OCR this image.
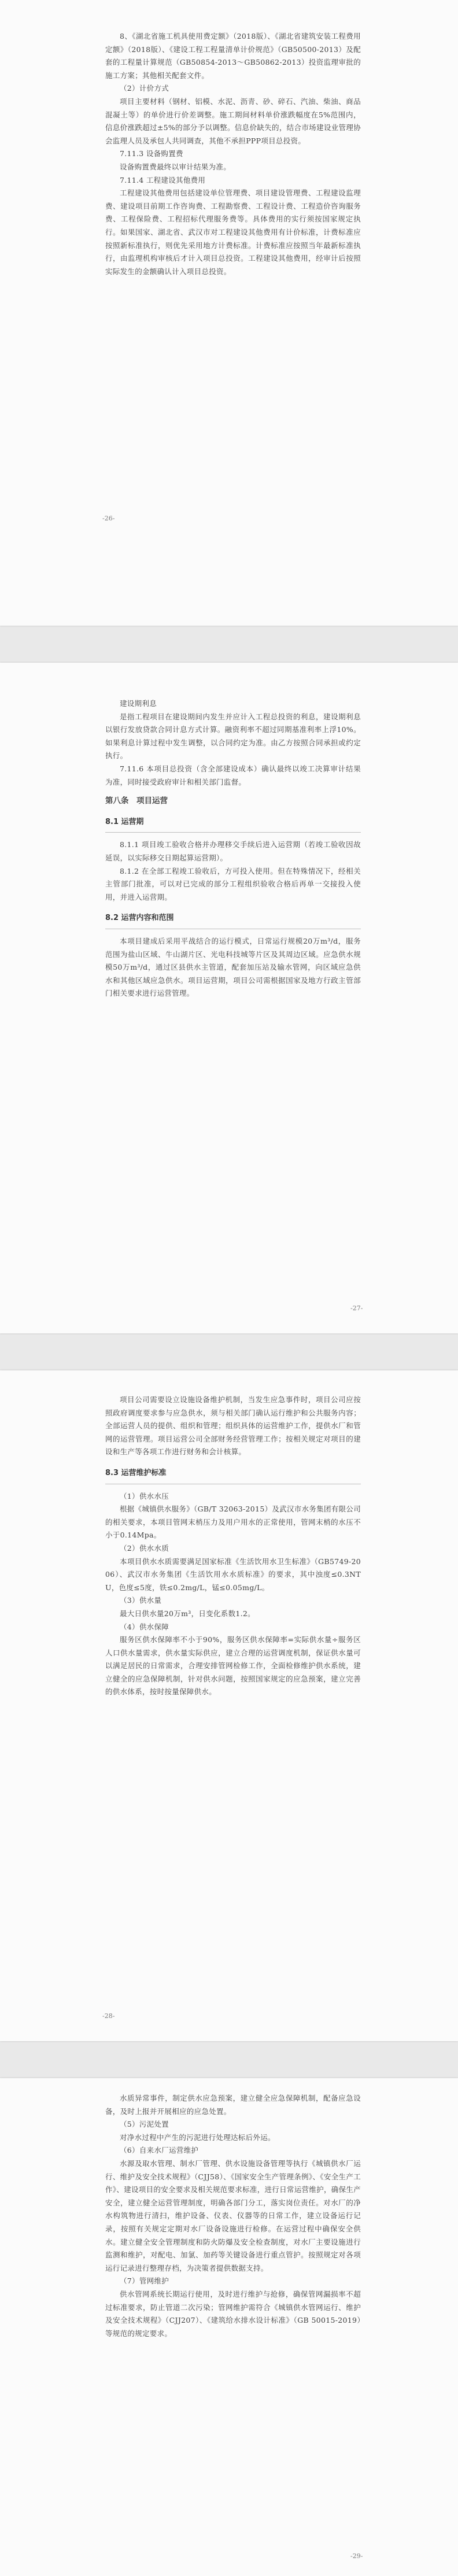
8、《湖北省施工机具使用费定额》（2018版）、《湖北省建筑安装工程费用定额》（2018版）、《建设工程工程量清单计价规范》（GB50500-2013）及配套的工程量计算规范（GB50854-2013～GB50862-2013）投资监理审批的施工方案；其他相关配套文件。

（2）计价方式

项目主要材料（钢材、铝模、水泥、沥青、砂、碎石、汽油、柴油、商品混凝土等）的单价进行价差调整。施工期间材料单价涨跌幅度在5%范围内，信息价涨跌超过±5%的部分予以调整。信息价缺失的，结合市场建设业管理协会监理人员及承包人共同调查，其他不承担PPP项目总投资。

7.11.3 设备购置费

设备购置费最终以审计结果为准。

7.11.4 工程建设其他费用

工程建设其他费用包括建设单位管理费、项目建设管理费、工程建设监理费、建设项目前期工作咨询费、工程勘察费、工程设计费、工程造价咨询服务费、工程保险费、工程招标代理服务费等。具体费用的实行须按国家规定执行。如果国家、湖北省、武汉市对工程建设其他费用有计价标准，计费标准应按照新标准执行，则优先采用地方计费标准。计费标准应按照当年最新标准执行，由监理机构审核后才计入项目总投资。工程建设其他费用，经审计后按照实际发生的金额确认计入项目总投资。

-26-

建设期利息

是指工程项目在建设期间内发生并应计入工程总投资的利息，建设期利息以银行发放贷款合同计息方式计算。融资利率不超过同期基准利率上浮10%。如果利息计算过程中发生调整，以合同约定为准。由乙方按照合同承担或约定执行。

7.11.6 本项目总投资（含全部建设成本）确认最终以竣工决算审计结果为准，同时接受政府审计和相关部门监督。

第八条　项目运营
8.1 运营期

8.1.1 项目竣工验收合格并办理移交手续后进入运营期（若竣工验收因故延误，以实际移交日期起算运营期）。

8.1.2 在全部工程竣工验收后，方可投入使用。但在特殊情况下，经相关主管部门批准，可以对已完成的部分工程组织验收合格后再单一交接投入使用，并进入运营期。

8.2 运营内容和范围

本项目建成后采用平战结合的运行模式，日常运行规模20万m³/d，服务范围为盐山区域、牛山湖片区、光电科技城等片区及其周边区域。应急供水规模50万m³/d，通过区县供水主管道，配套加压站及输水管网，向区域应急供水和其他区域应急供水。项目运营期，项目公司需根据国家及地方行政主管部门相关要求进行运营管理。

-27-

项目公司需要设立设施设备维护机制，当发生应急事件时，项目公司应按照政府调度要求参与应急供水，须与相关部门确认运行维护和公共服务内容；全部运营人员的提供、组织和管理；组织具体的运营维护工作，提供水厂和管网的运营管理。项目运营公司全部财务经营管理工作；按相关规定对项目的建设和生产等各项工作进行财务和会计核算。

8.3 运营维护标准

（1）供水水压

根据《城镇供水服务》（GB/T 32063-2015）及武汉市水务集团有限公司的相关要求，本项目管网末梢压力及用户用水的正常使用，管网末梢的水压不小于0.14Mpa。

（2）供水水质

本项目供水水质需要满足国家标准《生活饮用水卫生标准》（GB5749-2006）、武汉市水务集团《生活饮用水水质标准》的要求，其中浊度≤0.3NTU，色度≤5度，铁≤0.2mg/L，锰≤0.05mg/L。

（3）供水量

最大日供水量20万m³，日变化系数1.2。

（4）供水保障

服务区供水保障率不小于90%，服务区供水保障率=实际供水量÷服务区人口供水量需求，供水量实际供应，建立合理的运营调度机制，保证供水量可以满足居民的日常需求，合理安排管网检修工作，全面检修维护供水系统，建立健全的应急保障机制，针对供水问题，按照国家规定的应急预案，建立完善的供水体系，按时按量保障供水。

-28-

水质异常事件，制定供水应急预案，建立健全应急保障机制，配备应急设备，及时上报并开展相应的应急处置。

（5）污泥处置

对净水过程中产生的污泥进行处理达标后外运。

（6）自来水厂运营维护

水源及取水管理、制水厂管理、供水设施设备管理等执行《城镇供水厂运行、维护及安全技术规程》（CJJ58）、《国家安全生产管理条例》、《安全生产工作》、建设项目的安全要求及相关规范要求标准，进行日常运营维护，确保生产安全，建立健全运营管理制度，明确各部门分工，落实岗位责任。对水厂的净水构筑物进行清扫，维护设备、仪表、仪器等的日常工作，建立设备运行记录，按照有关规定定期对水厂设备设施进行检修。在运营过程中确保安全供水。建立健全安全管理制度和防火防爆及安全检查制度，对水厂主要设施进行监测和维护，对配电、加氯、加药等关键设备进行重点管护。按照规定对各项运行记录进行整理存档，为决策者提供数据支持。

（7）管网维护

供水管网系统长期运行使用，及时进行维护与抢修，确保管网漏损率不超过标准要求，防止管道二次污染；管网维护需符合《城镇供水管网运行、维护及安全技术规程》（CJJ207）、《建筑给水排水设计标准》（GB 50015-2019）等规范的规定要求。

-29-
